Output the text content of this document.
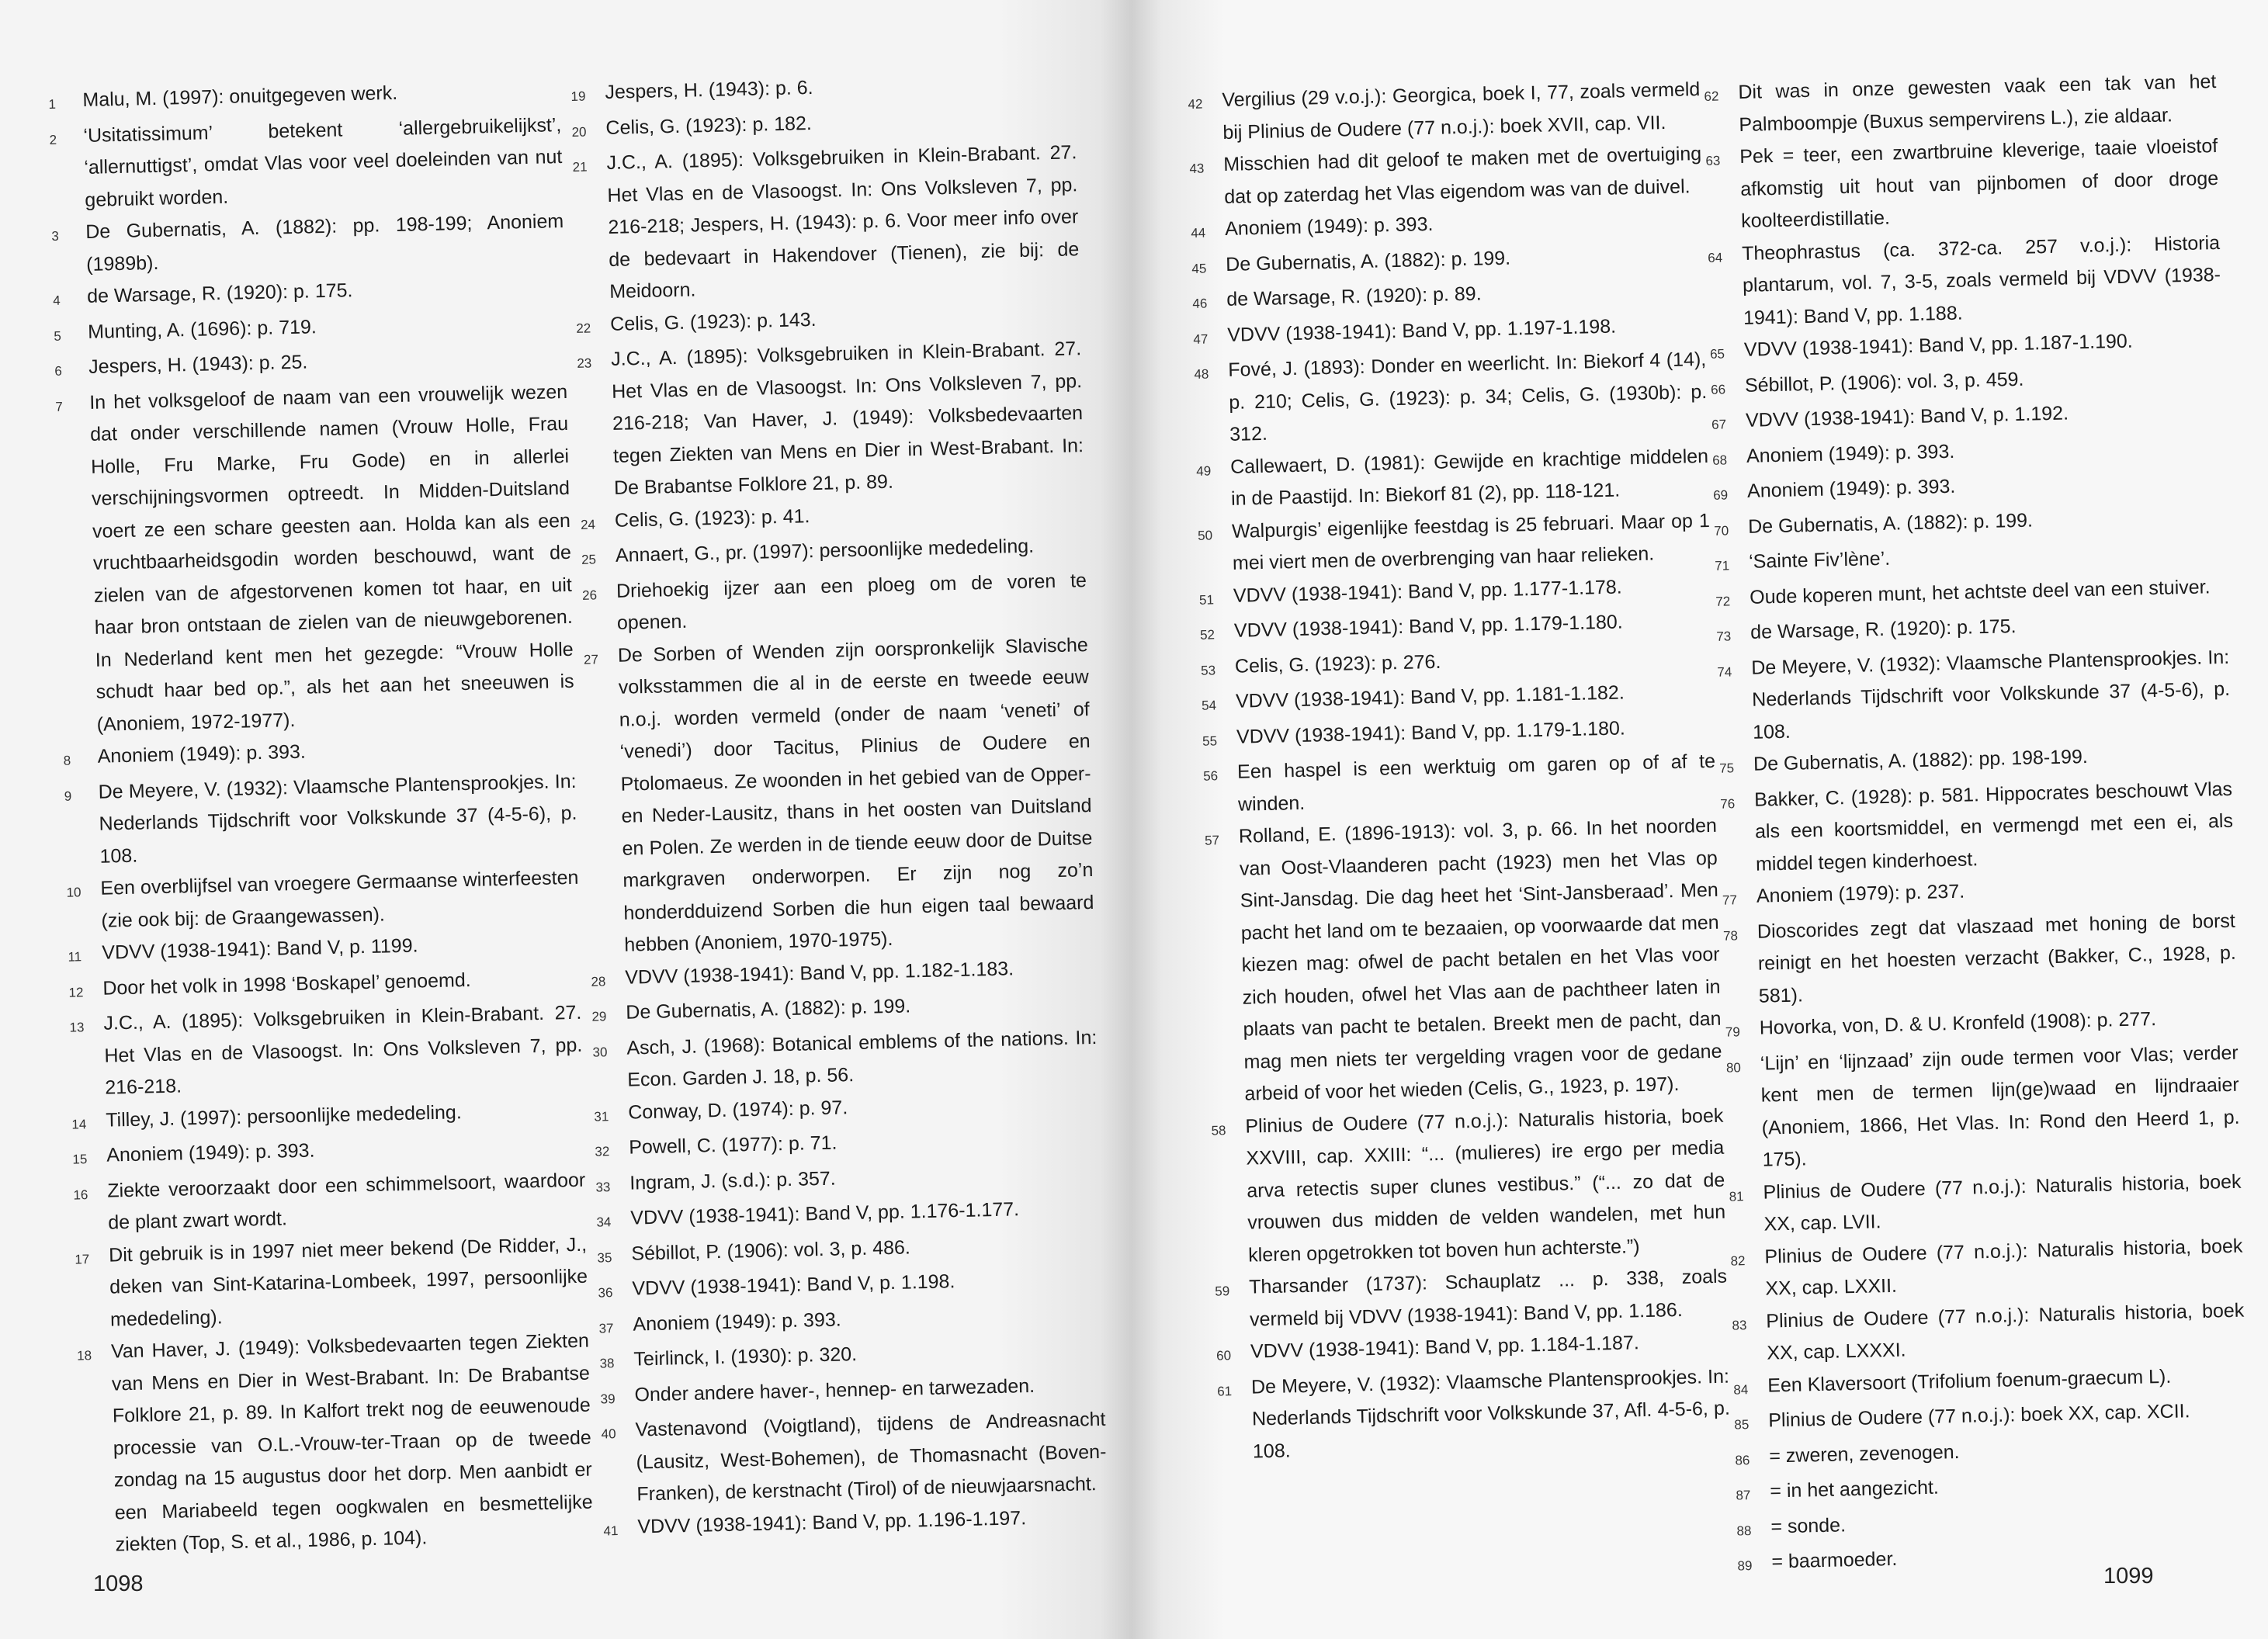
1	Malu, M. (1997): onuitgegeven werk.
2	‘Usitatissimum’ betekent ‘allergebruikelijkst’, ‘allernuttigst’, omdat Vlas voor veel doeleinden van nut gebruikt worden.
3	De Gubernatis, A. (1882): pp. 198-199; Anoniem (1989b).
4	de Warsage, R. (1920): p. 175.
5	Munting, A. (1696): p. 719.
6	Jespers, H. (1943): p. 25.
7	In het volksgeloof de naam van een vrouwelijk wezen dat onder verschillende namen (Vrouw Holle, Frau Holle, Fru Marke, Fru Gode) en in allerlei verschijningsvormen optreedt. In Midden-Duitsland voert ze een schare geesten aan. Holda kan als een vruchtbaarheidsgodin worden beschouwd, want de zielen van de afgestorvenen komen tot haar, en uit haar bron ontstaan de zielen van de nieuwgeborenen. In Nederland kent men het gezegde: “Vrouw Holle schudt haar bed op.”, als het aan het sneeuwen is (Anoniem, 1972-1977).
8	Anoniem (1949): p. 393.
9	De Meyere, V. (1932): Vlaamsche Plantensprookjes. In: Nederlands Tijdschrift voor Volkskunde 37 (4-5-6), p. 108.
10 Een overblijfsel van vroegere Germaanse winterfeesten (zie ook bij: de Graangewassen).
11	VDVV (1938-1941): Band V, p. 1199.
12 Door het volk in 1998 ‘Boskapel’ genoemd.
13 J.C., A. (1895): Volksgebruiken in Klein-Brabant. 27. Het Vlas en de Vlasoogst. In: Ons Volksleven 7, pp. 216-218.
14 Tilley, J. (1997): persoonlijke mededeling.
15 Anoniem (1949): p. 393.
16 Ziekte veroorzaakt door een schimmelsoort, waardoor de plant zwart wordt.
17 Dit gebruik is in 1997 niet meer bekend (De Ridder, J., deken van Sint-Katarina-Lombeek, 1997, persoonlijke mededeling).
18 Van Haver, J. (1949): Volksbedevaarten tegen Ziekten van Mens en Dier in West-Brabant. In: De Brabantse Folklore 21, p. 89. In Kalfort trekt nog de eeuwenoude processie van O.L.-Vrouw-ter-Traan op de tweede zondag na 15 augustus door het dorp. Men aanbidt er een Mariabeeld tegen oogkwalen en besmettelijke ziekten (Top, S. et al., 1986, p. 104).
19 Jespers, H. (1943): p. 6.
20 Celis, G. (1923): p. 182.
21 J.C., A. (1895): Volksgebruiken in Klein-Brabant. 27. Het Vlas en de Vlasoogst. In: Ons Volksleven 7, pp. 216-218; Jespers, H. (1943): p. 6. Voor meer info over de bedevaart in Hakendover (Tienen), zie bij: de Meidoorn.
22 Celis, G. (1923): p. 143.
23 J.C., A. (1895): Volksgebruiken in Klein-Brabant. 27. Het Vlas en de Vlasoogst. In: Ons Volksleven 7, pp. 216-218; Van Haver, J. (1949): Volksbedevaarten tegen Ziekten van Mens en Dier in West-Brabant. In: De Brabantse Folklore 21, p. 89.
24 Celis, G. (1923): p. 41.
25 Annaert, G., pr. (1997): persoonlijke mededeling.
26 Driehoekig ijzer aan een ploeg om de voren te openen.
27 De Sorben of Wenden zijn oorspronkelijk Slavische volksstammen die al in de eerste en tweede eeuw n.o.j. worden vermeld (onder de naam ‘veneti’ of ‘venedi’) door Tacitus, Plinius de Oudere en Ptolomaeus. Ze woonden in het gebied van de Opper- en Neder-Lausitz, thans in het oosten van Duitsland en Polen. Ze werden in de tiende eeuw door de Duitse markgraven onderworpen. Er zijn nog zo’n honderdduizend Sorben die hun eigen taal bewaard hebben (Anoniem, 1970-1975).
28 VDVV (1938-1941): Band V, pp. 1.182-1.183.
29 De Gubernatis, A. (1882): p. 199.
30 Asch, J. (1968): Botanical emblems of the nations. In: Econ. Garden J. 18, p. 56.
31 Conway, D. (1974): p. 97.
32 Powell, C. (1977): p. 71.
33 Ingram, J. (s.d.): p. 357.
34 VDVV (1938-1941): Band V, pp. 1.176-1.177.
35 Sébillot, P. (1906): vol. 3, p. 486.
36 VDVV (1938-1941): Band V, p. 1.198.
37 Anoniem (1949): p. 393.
38 Teirlinck, I. (1930): p. 320.
39 Onder andere haver-, hennep- en tarwezaden.
40 Vastenavond (Voigtland), tijdens de Andreasnacht (Lausitz, West-Bohemen), de Thomasnacht (Boven-Franken), de kerstnacht (Tirol) of de nieuwjaarsnacht.
41 VDVV (1938-1941): Band V, pp. 1.196-1.197.
1098
42 Vergilius (29 v.o.j.): Georgica, boek I, 77, zoals vermeld bij Plinius de Oudere (77 n.o.j.): boek XVII, cap. VII.
43 Misschien had dit geloof te maken met de overtuiging dat op zaterdag het Vlas eigendom was van de duivel.
44 Anoniem (1949): p. 393.
45 De Gubernatis, A. (1882): p. 199.
46 de Warsage, R. (1920): p. 89.
47 VDVV (1938-1941): Band V, pp. 1.197-1.198.
48 Fové, J. (1893): Donder en weerlicht. In: Biekorf 4 (14), p. 210; Celis, G. (1923): p. 34; Celis, G. (1930b): p. 312.
49 Callewaert, D. (1981): Gewijde en krachtige middelen in de Paastijd. In: Biekorf 81 (2), pp. 118-121.
50 Walpurgis’ eigenlijke feestdag is 25 februari. Maar op 1 mei viert men de overbrenging van haar relieken.
51 VDVV (1938-1941): Band V, pp. 1.177-1.178.
52 VDVV (1938-1941): Band V, pp. 1.179-1.180.
53 Celis, G. (1923): p. 276.
54 VDVV (1938-1941): Band V, pp. 1.181-1.182.
55 VDVV (1938-1941): Band V, pp. 1.179-1.180.
56 Een haspel is een werktuig om garen op of af te winden.
57 Rolland, E. (1896-1913): vol. 3, p. 66. In het noorden van Oost-Vlaanderen pacht (1923) men het Vlas op Sint-Jansdag. Die dag heet het ‘Sint-Jansberaad’. Men pacht het land om te bezaaien, op voorwaarde dat men kiezen mag: ofwel de pacht betalen en het Vlas voor zich houden, ofwel het Vlas aan de pachtheer laten in plaats van pacht te betalen. Breekt men de pacht, dan mag men niets ter vergelding vragen voor de gedane arbeid of voor het wieden (Celis, G., 1923, p. 197).
58 Plinius de Oudere (77 n.o.j.): Naturalis historia, boek XXVIII, cap. XXIII: “... (mulieres) ire ergo per media arva retectis super clunes vestibus.” (“... zo dat de vrouwen dus midden de velden wandelen, met hun kleren opgetrokken tot boven hun achterste.”)
59 Tharsander (1737): Schauplatz ... p. 338, zoals vermeld bij VDVV (1938-1941): Band V, pp. 1.186.
60 VDVV (1938-1941): Band V, pp. 1.184-1.187.
61 De Meyere, V. (1932): Vlaamsche Plantensprookjes. In: Nederlands Tijdschrift voor Volkskunde 37, Afl. 4-5-6, p. 108.
62 Dit was in onze gewesten vaak een tak van het Palmboompje (Buxus sempervirens L.), zie aldaar.
63 Pek = teer, een zwartbruine kleverige, taaie vloeistof afkomstig uit hout van pijnbomen of door droge koolteerdistillatie.
64 Theophrastus (ca. 372-ca. 257 v.o.j.): Historia plantarum, vol. 7, 3-5, zoals vermeld bij VDVV (1938-1941): Band V, pp. 1.188.
65 VDVV (1938-1941): Band V, pp. 1.187-1.190.
66 Sébillot, P. (1906): vol. 3, p. 459.
67 VDVV (1938-1941): Band V, p. 1.192.
68 Anoniem (1949): p. 393.
69 Anoniem (1949): p. 393.
70 De Gubernatis, A. (1882): p. 199.
71 ‘Sainte Fiv’lène’.
72 Oude koperen munt, het achtste deel van een stuiver.
73 de Warsage, R. (1920): p. 175.
74 De Meyere, V. (1932): Vlaamsche Plantensprookjes. In: Nederlands Tijdschrift voor Volkskunde 37 (4-5-6), p. 108.
75 De Gubernatis, A. (1882): pp. 198-199.
76 Bakker, C. (1928): p. 581. Hippocrates beschouwt Vlas als een koortsmiddel, en vermengd met een ei, als middel tegen kinderhoest.
77 Anoniem (1979): p. 237.
78 Dioscorides zegt dat vlaszaad met honing de borst reinigt en het hoesten verzacht (Bakker, C., 1928, p. 581).
79 Hovorka, von, D. & U. Kronfeld (1908): p. 277.
80 ‘Lijn’ en ‘lijnzaad’ zijn oude termen voor Vlas; verder kent men de termen lijn(ge)waad en lijndraaier (Anoniem, 1866, Het Vlas. In: Rond den Heerd 1, p. 175).
81 Plinius de Oudere (77 n.o.j.): Naturalis historia, boek XX, cap. LVII.
82 Plinius de Oudere (77 n.o.j.): Naturalis historia, boek XX, cap. LXXII.
83 Plinius de Oudere (77 n.o.j.): Naturalis historia, boek XX, cap. LXXXI.
84 Een Klaversoort (Trifolium foenum-graecum L).
85 Plinius de Oudere (77 n.o.j.): boek XX, cap. XCII.
86 = zweren, zevenogen.
87 = in het aangezicht.
88 = sonde.
89 = baarmoeder.
1099
